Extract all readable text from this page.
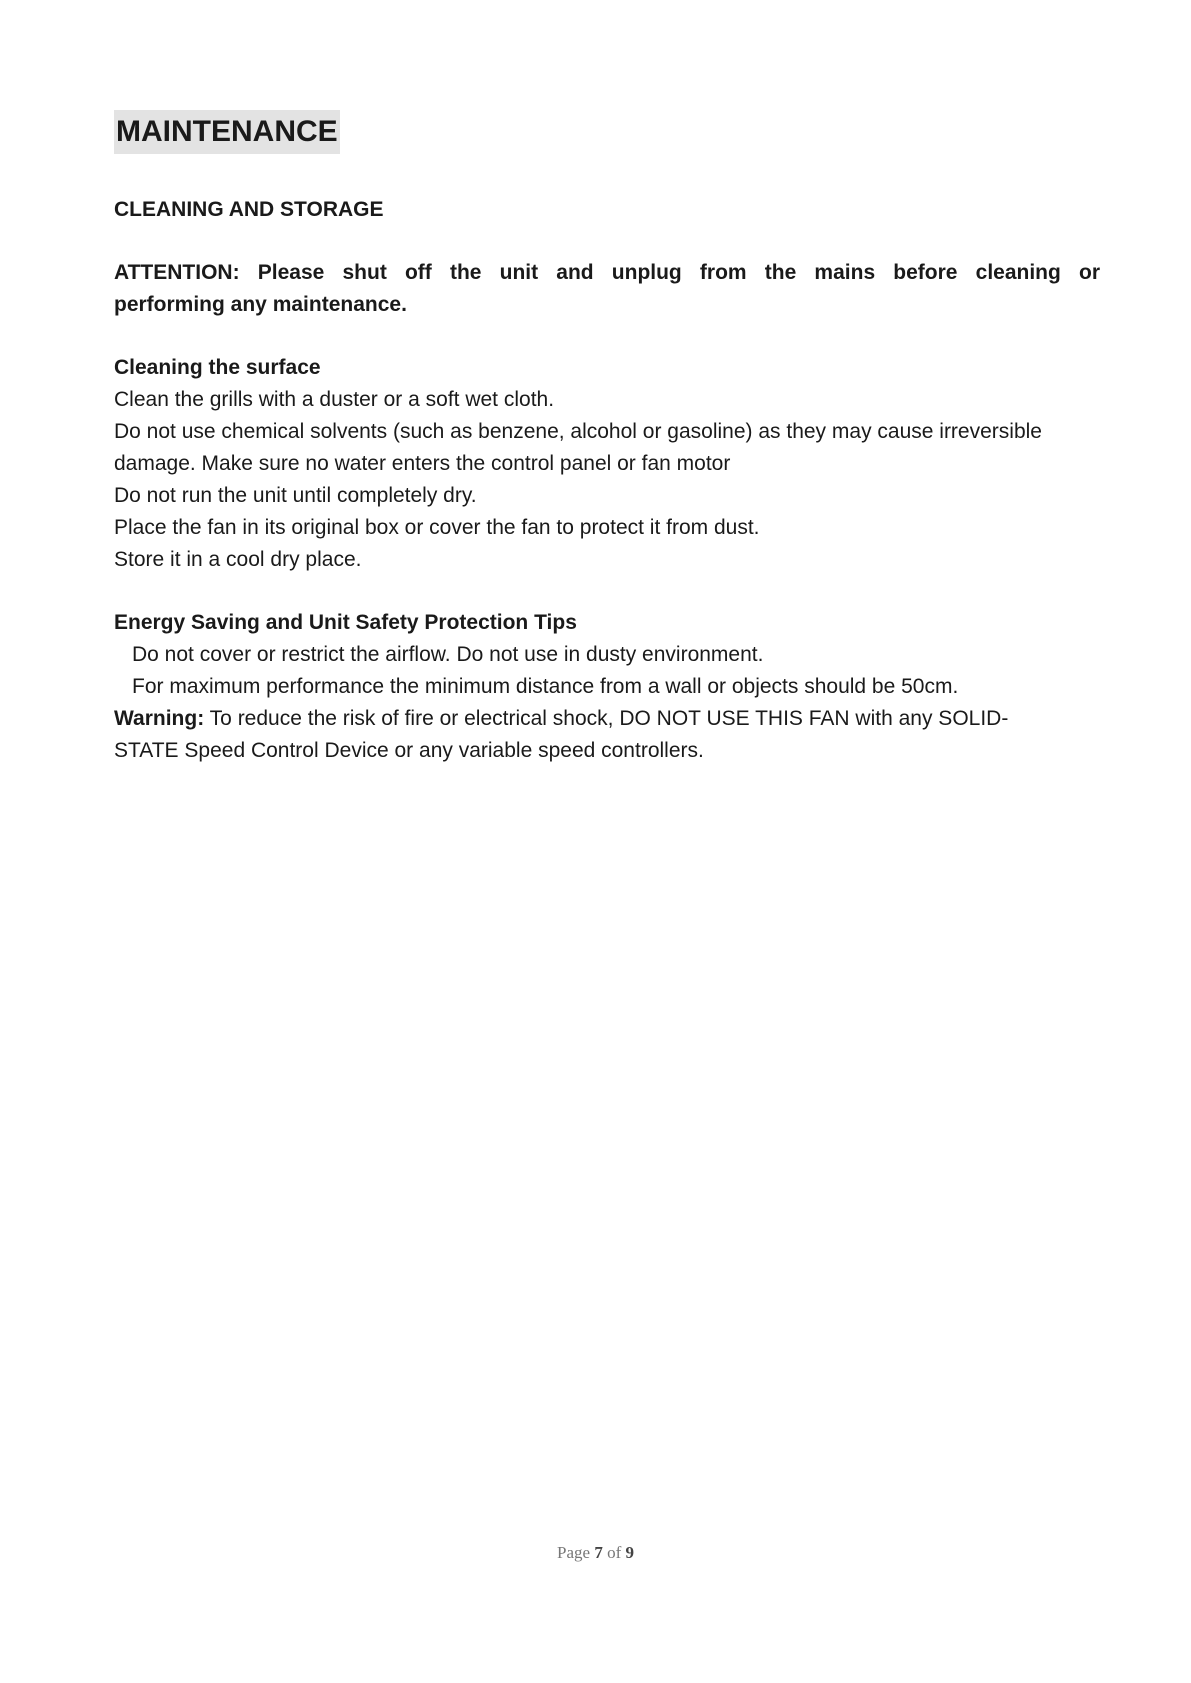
MAINTENANCE
CLEANING AND STORAGE
ATTENTION: Please shut off the unit and unplug from the mains before cleaning or
performing any maintenance.
Cleaning the surface

Clean the grills with a duster or a soft wet cloth.

Do not use chemical solvents (such as benzene, alcohol or gasoline) as they may cause irreversible

damage. Make sure no water enters the control panel or fan motor

Do not run the unit until completely dry.

Place the fan in its original box or cover the fan to protect it from dust.

Store it in a cool dry place.

Energy Saving and Unit Safety Protection Tips

Do not cover or restrict the airflow. Do not use in dusty environment.

For maximum performance the minimum distance from a wall or objects should be 50cm.

Warning: To reduce the risk of fire or electrical shock, DO NOT USE THIS FAN with any SOLID-

STATE Speed Control Device or any variable speed controllers.

Page 7 of 9
